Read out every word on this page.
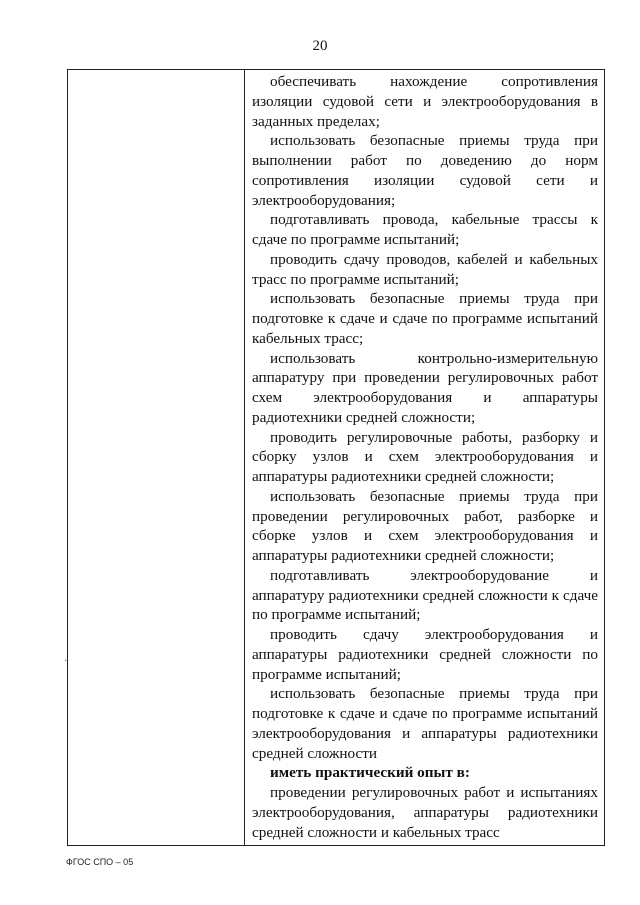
20
·

обеспечивать нахождение сопротивления изоляции судовой сети и электрооборудования в заданных пределах;

использовать безопасные приемы труда при выполнении работ по доведению до норм сопротивления изоляции судовой сети и электрооборудования;

подготавливать провода, кабельные трассы к сдаче по программе испытаний;

проводить сдачу проводов, кабелей и кабельных трасс по программе испытаний;

использовать безопасные приемы труда при подготовке к сдаче и сдаче по программе испытаний кабельных трасс;

использовать контрольно-измерительную аппаратуру при проведении регулировочных работ схем электрооборудования и аппаратуры радиотехники средней сложности;

проводить регулировочные работы, разборку и сборку узлов и схем электрооборудования и аппаратуры радиотехники средней сложности;

использовать безопасные приемы труда при проведении регулировочных работ, разборке и сборке узлов и схем электрооборудования и аппаратуры радиотехники средней сложности;

подготавливать электрооборудование и аппаратуру радиотехники средней сложности к сдаче по программе испытаний;

проводить сдачу электрооборудования и аппаратуры радиотехники средней сложности по программе испытаний;

использовать безопасные приемы труда при подготовке к сдаче и сдаче по программе испытаний электрооборудования и аппаратуры радиотехники средней сложности

иметь практический опыт в:

проведении регулировочных работ и испытаниях электрооборудования, аппаратуры радиотехники средней сложности и кабельных трасс

ФГОС СПО – 05
